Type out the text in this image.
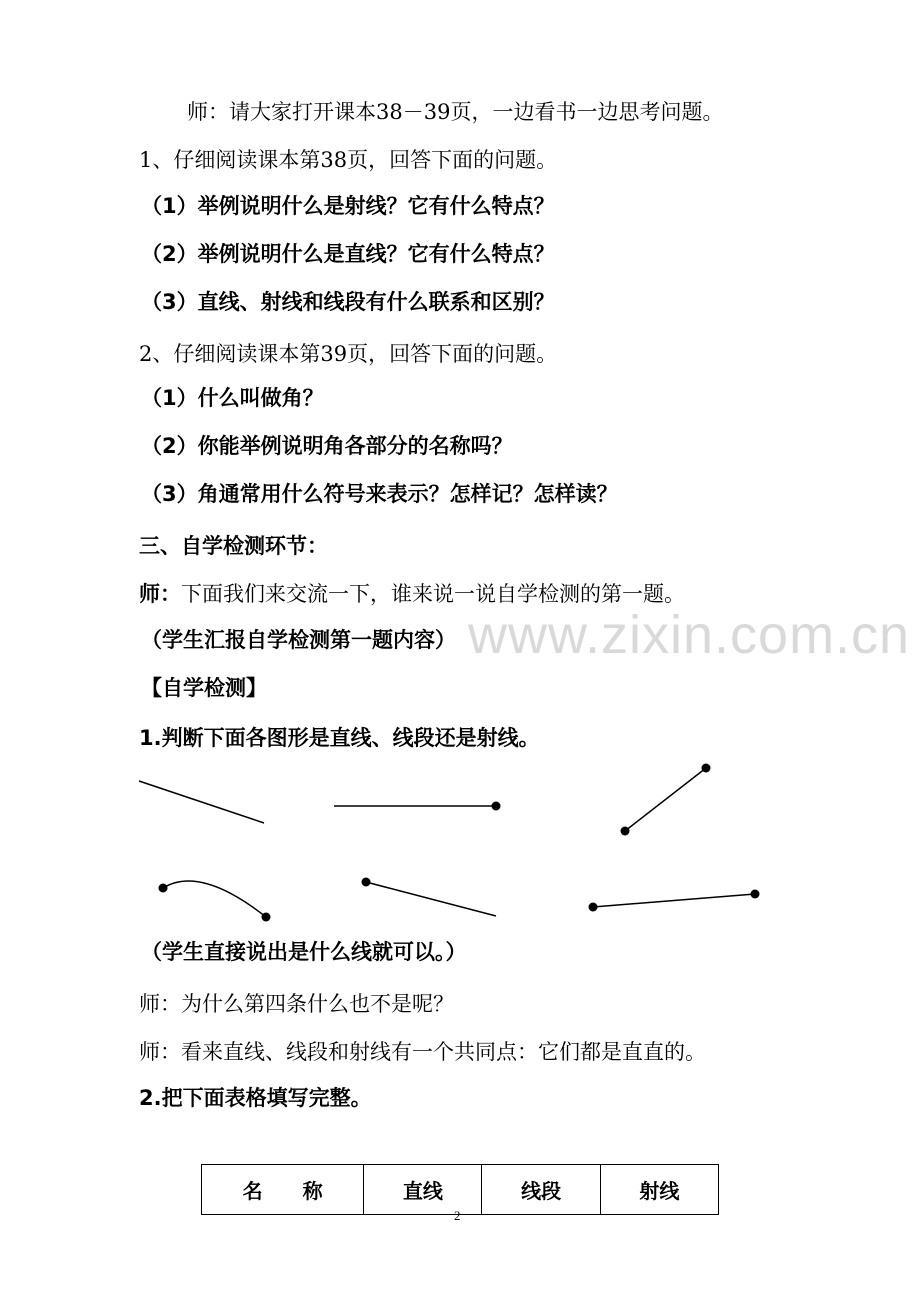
www.zixin.com.cn
师：请大家打开课本38－39页，一边看书一边思考问题。
1、仔细阅读课本第38页，回答下面的问题。
（1）举例说明什么是射线？它有什么特点？
（2）举例说明什么是直线？它有什么特点？
（3）直线、射线和线段有什么联系和区别？
2、仔细阅读课本第39页，回答下面的问题。
（1）什么叫做角？
（2）你能举例说明角各部分的名称吗？
（3）角通常用什么符号来表示？怎样记？怎样读？
三、自学检测环节：
师：下面我们来交流一下，谁来说一说自学检测的第一题。
（学生汇报自学检测第一题内容）
【自学检测】
1.判断下面各图形是直线、线段还是射线。
（学生直接说出是什么线就可以。）
师：为什么第四条什么也不是呢？
师：看来直线、线段和射线有一个共同点：它们都是直直的。
2.把下面表格填写完整。
名　　称	直线	线段	射线
2
